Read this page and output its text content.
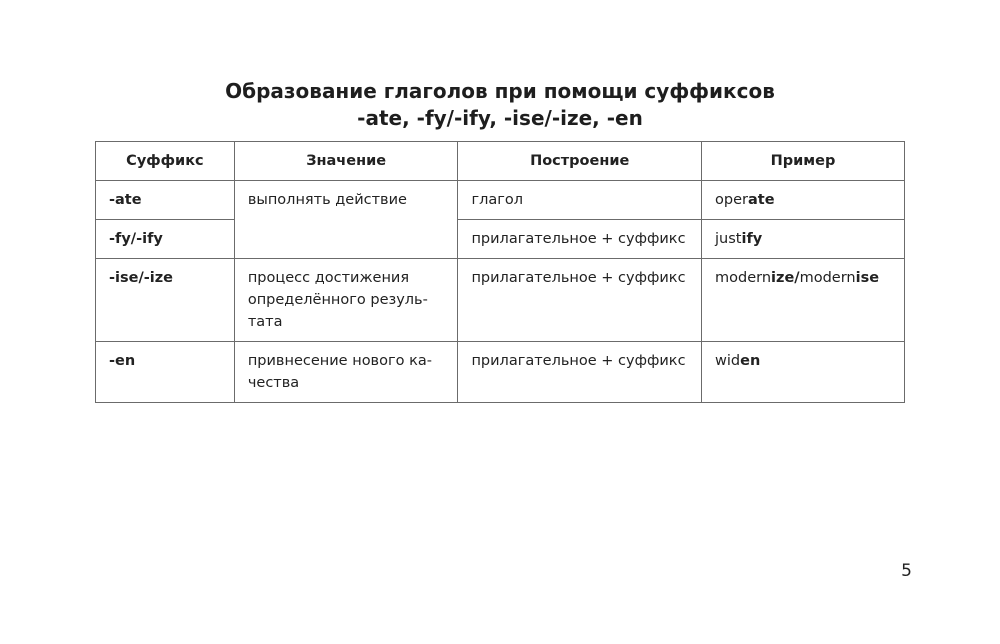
Образование глаголов при помощи суффиксов
-ate, -fy/-ify, -ise/-ize, -en
Суффикс	Значение	Построение	Пример
-ate	выполнять действие	глагол	operate
-fy/-ify		прилагательное + суффикс	justify
-ise/-ize	процесс достижения
определённого резуль-
тата	прилагательное + суффикс	modernize/modernise
-en	привнесение нового ка-
чества	прилагательное + суффикс	widen
5
